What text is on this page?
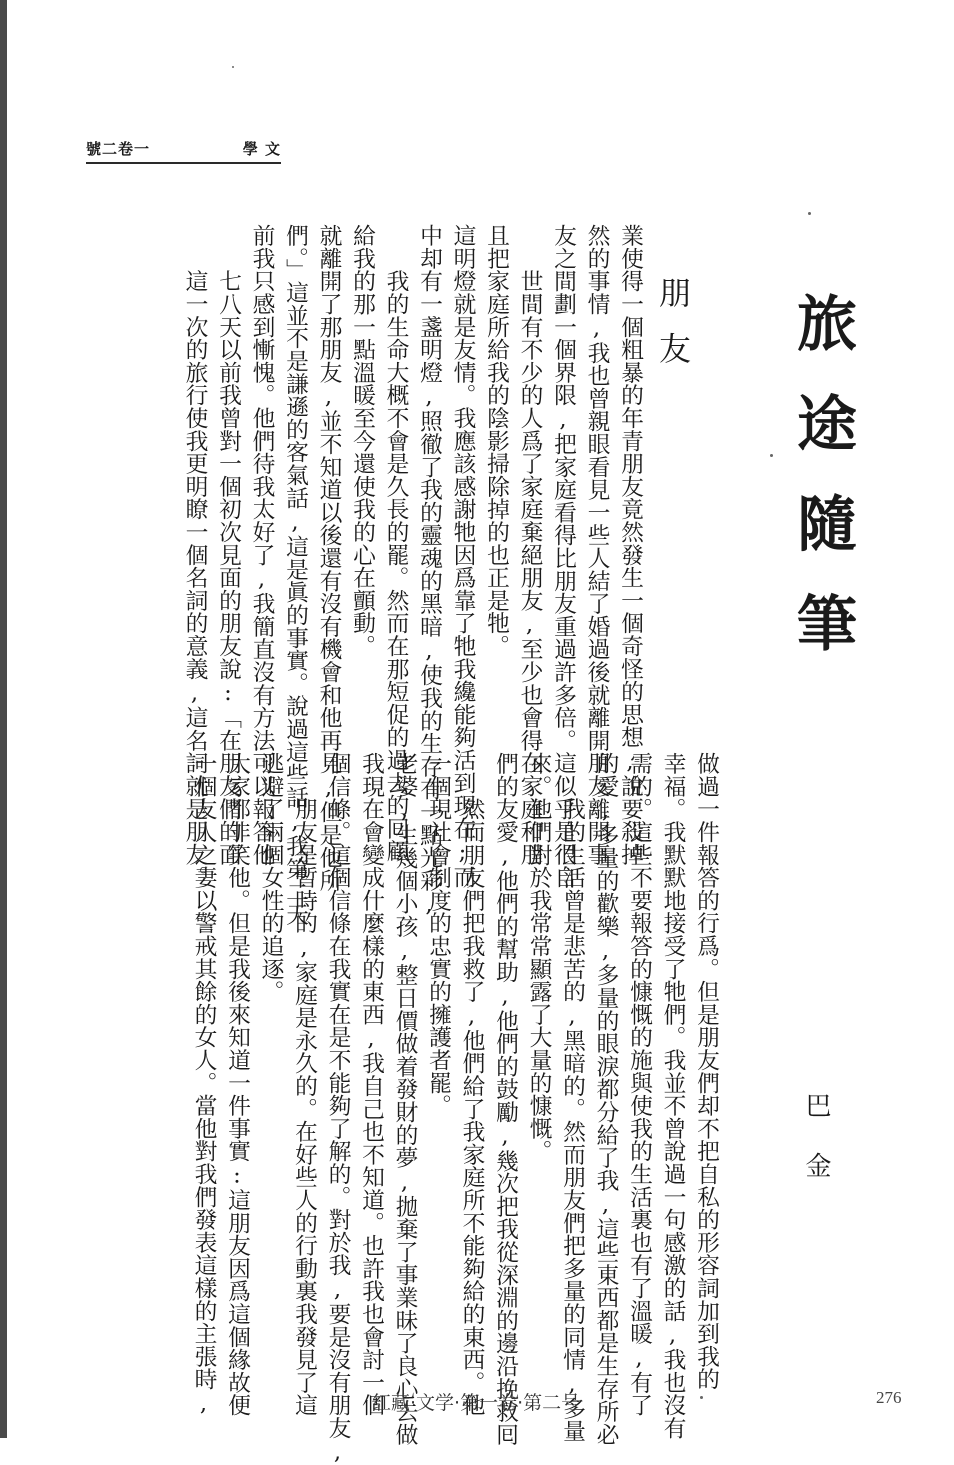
號二卷一	學 文

旅途隨筆

朋友

巴金

業使得一個粗暴的年青朋友竟然發生一個奇怪的思想,說要殺掉
然的事情,我也曾親眼看見一些人結了婚過後就離開朋友離開事
友之間劃一個界限,把家庭看得比朋友重過許多倍。這似乎是很自
　　世間有不少的人爲了家庭棄絕朋友,至少也會得在家庭和朋
且把家庭所給我的陰影掃除掉的也正是牠。
這明燈就是友情。我應該感謝牠因爲靠了牠我纔能夠活到現在;而
中却有一盞明燈,照徹了我的靈魂的黑暗,使我的生存有一點光彩,
　　我的生命大概不會是久長的罷。然而在那短促的過去的囘顧
給我的那一點溫暖至今還使我的心在顫動。
就離開了那朋友,並不知道以後還有沒有機會和他再見,但是他所
們。」這並不是謙遜的客氣話,這是眞的事實。說過這些話,我第二天
前我只感到慚愧。他們待我太好了,我簡直沒有方法可以報答他
　　七八天以前我曾對一個初次見面的朋友說:「在朋友們的面
　　這一次的旅行使我更明瞭一個名詞的意義,這名詞就是朋友。

做過一件報答的行爲。但是朋友們却不把自私的形容詞加到我的
幸福。我默默地接受了牠們。我並不曾說過一句感激的話,我也沒有
需的。這些不要報答的慷慨的施與使我的生活裏也有了溫暖,有了
的愛,多量的歡樂,多量的眼淚都分給了我,這些東西都是生存所必
　　我的生活曾是悲苦的,黑暗的。然而朋友們把多量的同情,多量
來。他們對於我常常顯露了大量的慷慨。
們的友愛,他們的幫助,他們的鼓勵,幾次把我從深淵的邊沿挽救囘
　　然而朋友們把我救了,他們給了我家庭所不能夠給的東西。他
一個現社會制度的忠實的擁護者罷。
老婆,生幾個小孩,整日價做着發財的夢,拋棄了事業昧了良心去做
我現在會變成什麼樣的東西,我自己也不知道。也許我也會討一個
個信條。這個信條在我實在是不能夠了解的。對於我,要是沒有朋友,
　　朋友是暫時的,家庭是永久的。在好些人的行動裏我發見了這
逃避了兩個女性的追逐。
大家都非笑他。但是我後來知道一件事實:這朋友因爲這個緣故便
一個友人之妻以警戒其餘的女人。當他對我們發表這樣的主張時,	红藏·文学·第一卷·第二号	276
